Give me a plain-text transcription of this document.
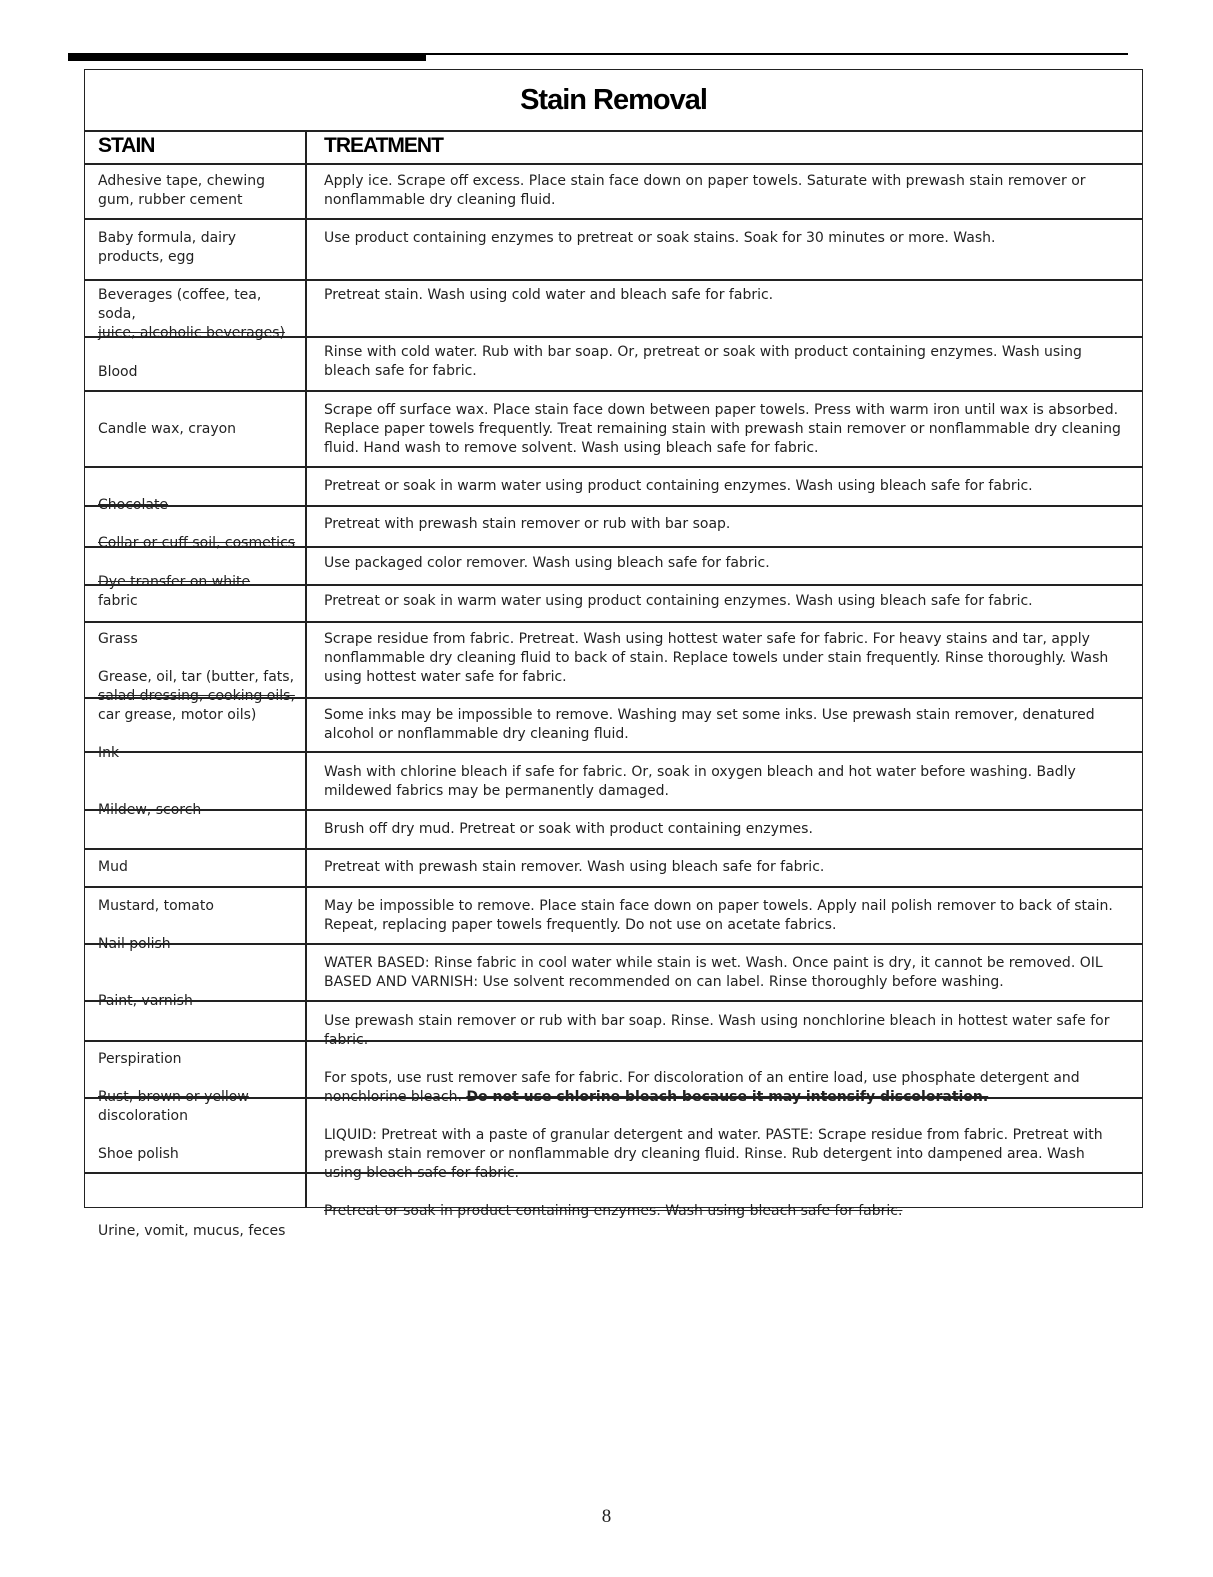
Stain Removal
STAIN	TREATMENT
Adhesive tape, chewing gum, rubber cement
Baby formula, dairy products, egg
Beverages (coffee, tea, soda,
juice, alcoholic beverages)
Blood
Candle wax, crayon
Chocolate
Collar or cuff soil, cosmetics
Dye transfer on white
fabric
Grass
Grease, oil, tar (butter, fats,
salad dressing, cooking oils,
car grease, motor oils)
Ink
Mildew, scorch
Mud
Mustard, tomato
Nail polish
Paint, varnish
Perspiration
Rust, brown or yellow
discoloration
Shoe polish
Urine, vomit, mucus, feces
Apply ice. Scrape off excess. Place stain face down on paper towels. Saturate with prewash stain remover or nonflammable dry cleaning fluid.
Use product containing enzymes to pretreat or soak stains. Soak for 30 minutes or more. Wash.
Pretreat stain. Wash using cold water and bleach safe for fabric.
Rinse with cold water. Rub with bar soap. Or, pretreat or soak with product containing enzymes. Wash using bleach safe for fabric.
Scrape off surface wax. Place stain face down between paper towels. Press with warm iron until wax is absorbed. Replace paper towels frequently. Treat remaining stain with prewash stain remover or nonflammable dry cleaning fluid. Hand wash to remove solvent. Wash using bleach safe for fabric.
Pretreat or soak in warm water using product containing enzymes. Wash using bleach safe for fabric.
Pretreat with prewash stain remover or rub with bar soap.
Use packaged color remover. Wash using bleach safe for fabric.
Pretreat or soak in warm water using product containing enzymes. Wash using bleach safe for fabric.
Scrape residue from fabric. Pretreat. Wash using hottest water safe for fabric. For heavy stains and tar, apply nonflammable dry cleaning fluid to back of stain. Replace towels under stain frequently. Rinse thoroughly. Wash using hottest water safe for fabric.
Some inks may be impossible to remove. Washing may set some inks. Use prewash stain remover, denatured alcohol or nonflammable dry cleaning fluid.
Wash with chlorine bleach if safe for fabric. Or, soak in oxygen bleach and hot water before washing. Badly mildewed fabrics may be permanently damaged.
Brush off dry mud. Pretreat or soak with product containing enzymes.
Pretreat with prewash stain remover. Wash using bleach safe for fabric.
May be impossible to remove. Place stain face down on paper towels. Apply nail polish remover to back of stain. Repeat, replacing paper towels frequently. Do not use on acetate fabrics.
WATER BASED: Rinse fabric in cool water while stain is wet. Wash. Once paint is dry, it cannot be removed. OIL BASED AND VARNISH: Use solvent recommended on can label. Rinse thoroughly before washing.
Use prewash stain remover or rub with bar soap. Rinse. Wash using nonchlorine bleach in hottest water safe for fabric.
For spots, use rust remover safe for fabric. For discoloration of an entire load, use phosphate detergent and nonchlorine bleach. Do not use chlorine bleach because it may intensify discoloration.
LIQUID: Pretreat with a paste of granular detergent and water. PASTE: Scrape residue from fabric. Pretreat with prewash stain remover or nonflammable dry cleaning fluid. Rinse. Rub detergent into dampened area. Wash using bleach safe for fabric.
Pretreat or soak in product containing enzymes. Wash using bleach safe for fabric.
8
